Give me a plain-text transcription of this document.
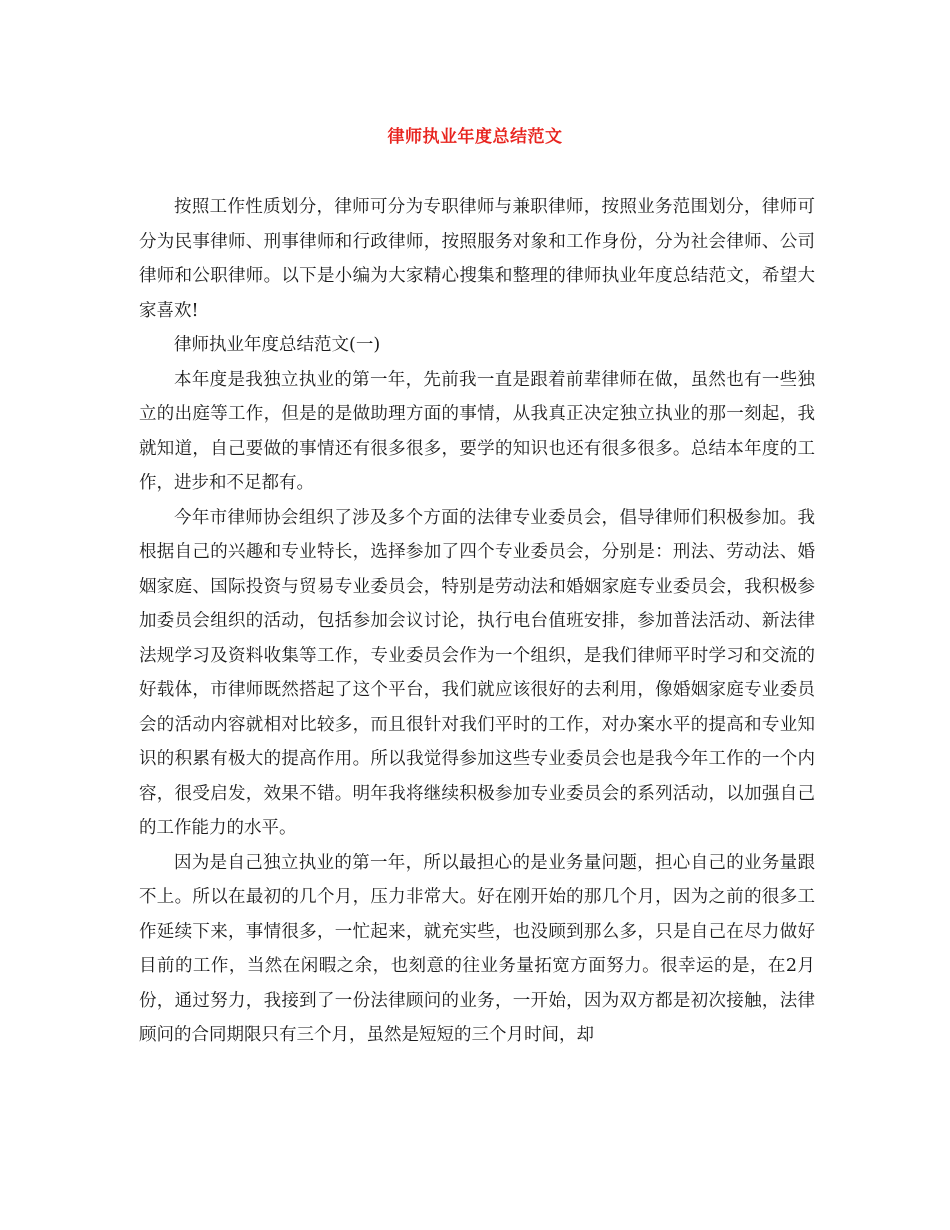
律师执业年度总结范文

按照工作性质划分，律师可分为专职律师与兼职律师，按照业务范围划分，律师可分为民事律师、刑事律师和行政律师，按照服务对象和工作身份，分为社会律师、公司律师和公职律师。以下是小编为大家精心搜集和整理的律师执业年度总结范文，希望大家喜欢!

律师执业年度总结范文(一)

本年度是我独立执业的第一年，先前我一直是跟着前辈律师在做，虽然也有一些独立的出庭等工作，但是的是做助理方面的事情，从我真正决定独立执业的那一刻起，我就知道，自己要做的事情还有很多很多，要学的知识也还有很多很多。总结本年度的工作，进步和不足都有。

今年市律师协会组织了涉及多个方面的法律专业委员会，倡导律师们积极参加。我根据自己的兴趣和专业特长，选择参加了四个专业委员会，分别是：刑法、劳动法、婚姻家庭、国际投资与贸易专业委员会，特别是劳动法和婚姻家庭专业委员会，我积极参加委员会组织的活动，包括参加会议讨论，执行电台值班安排，参加普法活动、新法律法规学习及资料收集等工作，专业委员会作为一个组织，是我们律师平时学习和交流的好载体，市律师既然搭起了这个平台，我们就应该很好的去利用，像婚姻家庭专业委员会的活动内容就相对比较多，而且很针对我们平时的工作，对办案水平的提高和专业知识的积累有极大的提高作用。所以我觉得参加这些专业委员会也是我今年工作的一个内容，很受启发，效果不错。明年我将继续积极参加专业委员会的系列活动，以加强自己的工作能力的水平。

因为是自己独立执业的第一年，所以最担心的是业务量问题，担心自己的业务量跟不上。所以在最初的几个月，压力非常大。好在刚开始的那几个月，因为之前的很多工作延续下来，事情很多，一忙起来，就充实些，也没顾到那么多，只是自己在尽力做好目前的工作，当然在闲暇之余，也刻意的往业务量拓宽方面努力。很幸运的是，在2月份，通过努力，我接到了一份法律顾问的业务，一开始，因为双方都是初次接触，法律顾问的合同期限只有三个月，虽然是短短的三个月时间，却
